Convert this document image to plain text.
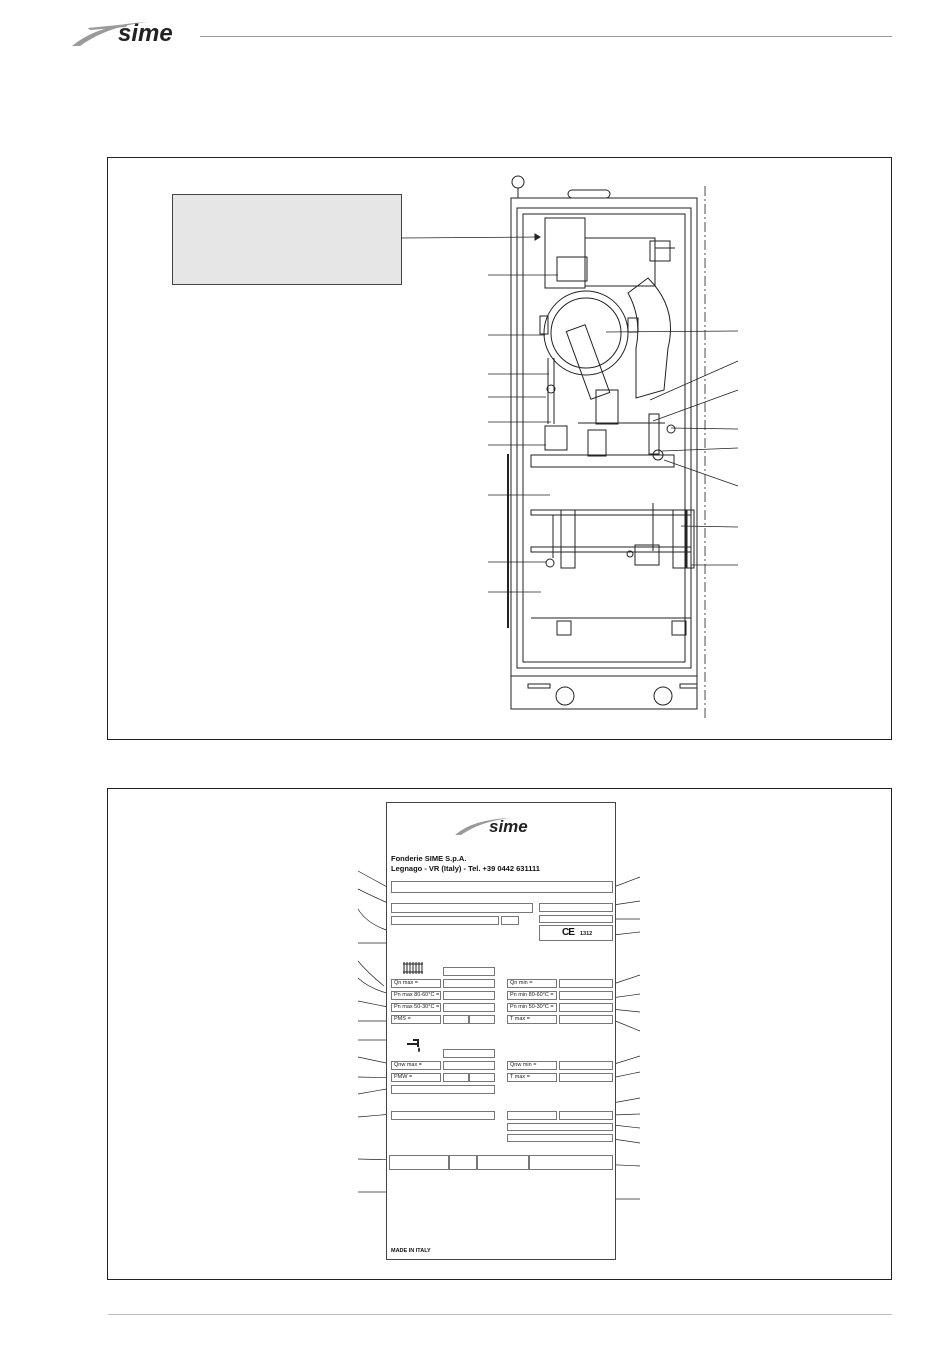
sime
sime
Fonderie SIME S.p.A.
Legnago - VR (Italy) - Tel. +39 0442 631111
CE 1312
Qn max =
Pn max 80-60°C =
Pn max 50-30°C =
PMS =
Qn min =
Pn min 80-60°C =
Pn min 50-30°C =
T max =
Qnw max =
PMW =
Qnw min =
T max =
MADE IN ITALY
